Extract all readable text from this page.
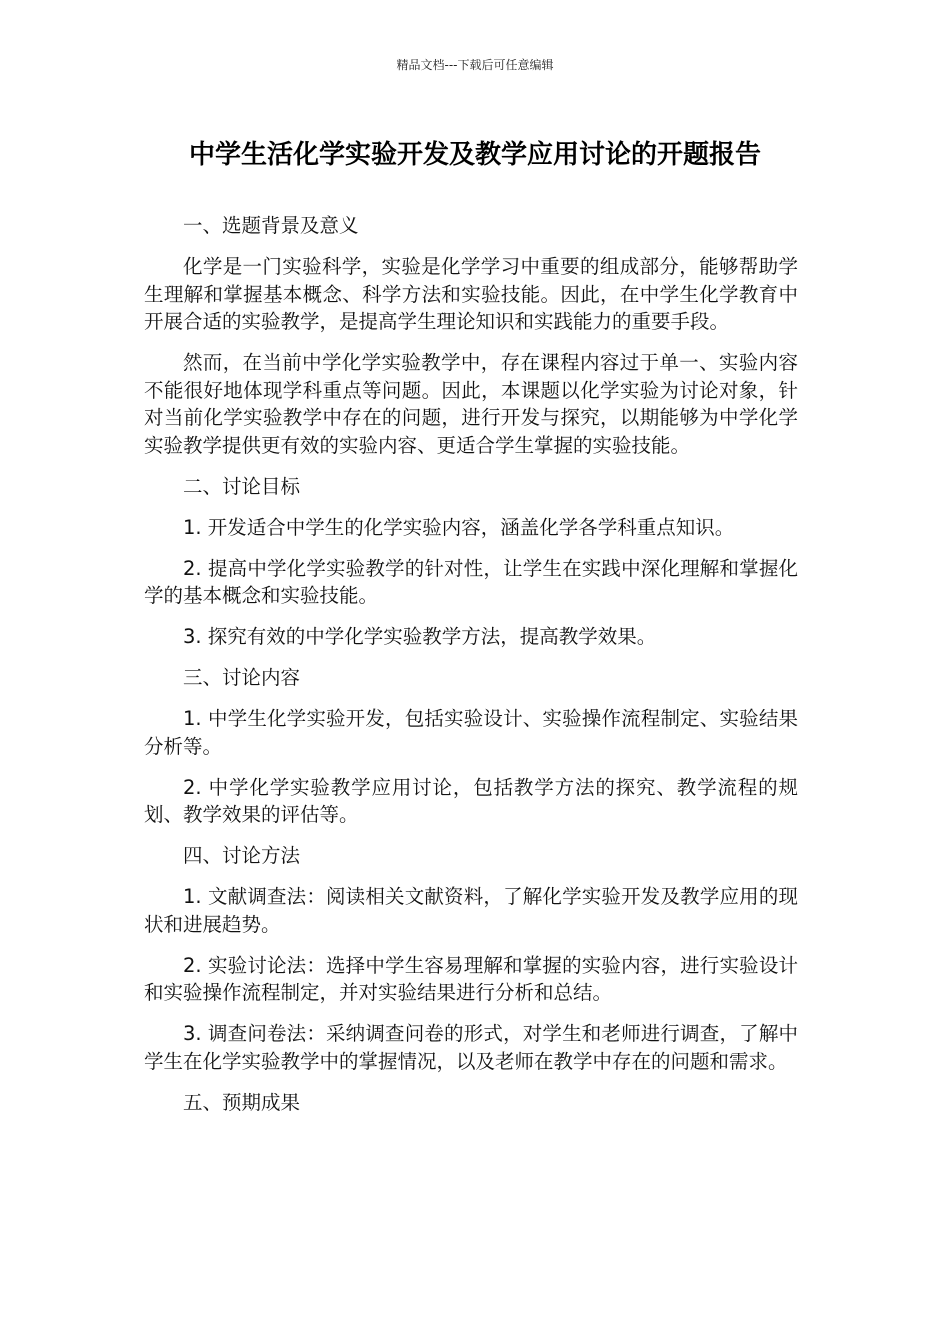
精品文档---下载后可任意编辑
中学生活化学实验开发及教学应用讨论的开题报告

一、选题背景及意义

化学是一门实验科学，实验是化学学习中重要的组成部分，能够帮助学生理解和掌握基本概念、科学方法和实验技能。因此，在中学生化学教育中开展合适的实验教学，是提高学生理论知识和实践能力的重要手段。

然而，在当前中学化学实验教学中，存在课程内容过于单一、实验内容不能很好地体现学科重点等问题。因此，本课题以化学实验为讨论对象，针对当前化学实验教学中存在的问题，进行开发与探究，以期能够为中学化学实验教学提供更有效的实验内容、更适合学生掌握的实验技能。

二、讨论目标

1. 开发适合中学生的化学实验内容，涵盖化学各学科重点知识。

2. 提高中学化学实验教学的针对性，让学生在实践中深化理解和掌握化学的基本概念和实验技能。

3. 探究有效的中学化学实验教学方法，提高教学效果。

三、讨论内容

1. 中学生化学实验开发，包括实验设计、实验操作流程制定、实验结果分析等。

2. 中学化学实验教学应用讨论，包括教学方法的探究、教学流程的规划、教学效果的评估等。

四、讨论方法

1. 文献调查法：阅读相关文献资料，了解化学实验开发及教学应用的现状和进展趋势。

2. 实验讨论法：选择中学生容易理解和掌握的实验内容，进行实验设计和实验操作流程制定，并对实验结果进行分析和总结。

3. 调查问卷法：采纳调查问卷的形式，对学生和老师进行调查，了解中学生在化学实验教学中的掌握情况，以及老师在教学中存在的问题和需求。

五、预期成果
